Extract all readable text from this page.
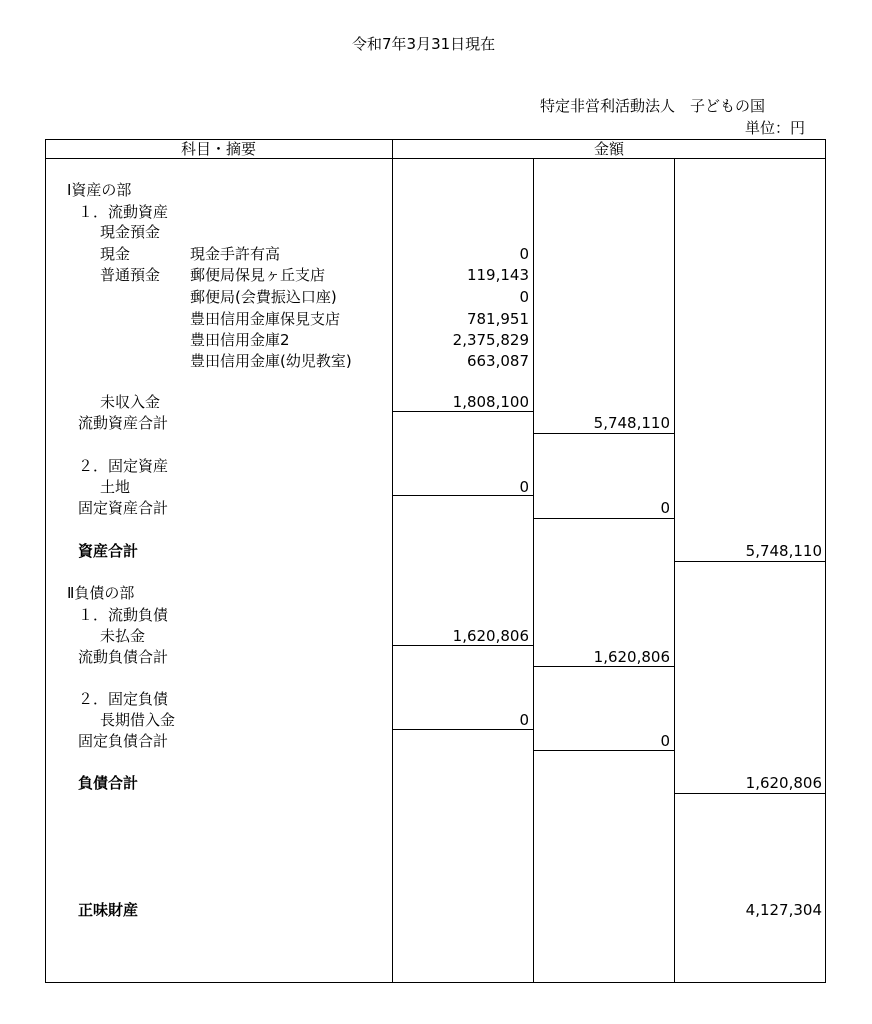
令和7年3月31日現在
特定非営利活動法人　子どもの国
単位：円
科目・摘要	金額
Ⅰ資産の部
１．流動資産
現金預金
現金	現金手許有高	0
普通預金 郵便局保見ヶ丘支店	119,143
郵便局(会費振込口座)	0
豊田信用金庫保見支店	781,951
豊田信用金庫2	2,375,829
豊田信用金庫(幼児教室)	663,087
未収入金	1,808,100
流動資産合計	5,748,110
２．固定資産
土地	0
固定資産合計	0
資産合計	5,748,110
Ⅱ負債の部
１．流動負債
未払金	1,620,806
流動負債合計	1,620,806
２．固定負債
長期借入金	0
固定負債合計	0
負債合計	1,620,806
正味財産	4,127,304
